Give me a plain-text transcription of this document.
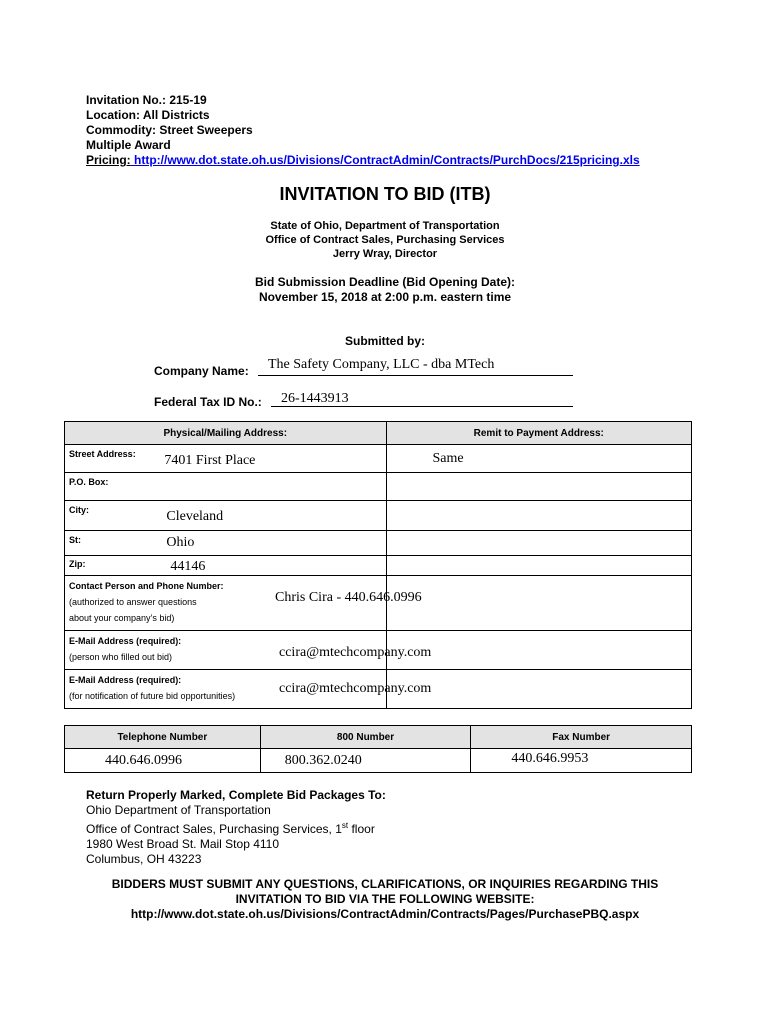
Invitation No.: 215-19
Location: All Districts
Commodity: Street Sweepers
Multiple Award
Pricing: http://www.dot.state.oh.us/Divisions/ContractAdmin/Contracts/PurchDocs/215pricing.xls
INVITATION TO BID (ITB)
State of Ohio, Department of Transportation
Office of Contract Sales, Purchasing Services
Jerry Wray, Director
Bid Submission Deadline (Bid Opening Date):
November 15, 2018 at 2:00 p.m. eastern time
Submitted by:
Company Name: The Safety Company, LLC - dba MTech
Federal Tax ID No.: 26-1443913
Physical/Mailing Address:		Remit to Payment Address:
Street Address:	7401 First Place	Same

P.O. Box:		
City:	Cleveland	

St:	Ohio	

Zip:	44146	

Contact Person and Phone Number:
(authorized to answer questions
about your company’s bid)
Chris Cira - 440.646.0996		

E-Mail Address (required):
(person who filled out bid) ccira@mtechcompany.com		

E-Mail Address (required):
(for notification of future bid opportunities) ccira@mtechcompany.com		

Telephone Number	800 Number	Fax Number

440.646.0996	800.362.0240	440.646.9953
Return Properly Marked, Complete Bid Packages To:
Ohio Department of Transportation
Office of Contract Sales, Purchasing Services, 1st floor
1980 West Broad St. Mail Stop 4110
Columbus, OH 43223
BIDDERS MUST SUBMIT ANY QUESTIONS, CLARIFICATIONS, OR INQUIRIES REGARDING THIS
INVITATION TO BID VIA THE FOLLOWING WEBSITE:
http://www.dot.state.oh.us/Divisions/ContractAdmin/Contracts/Pages/PurchasePBQ.aspx
